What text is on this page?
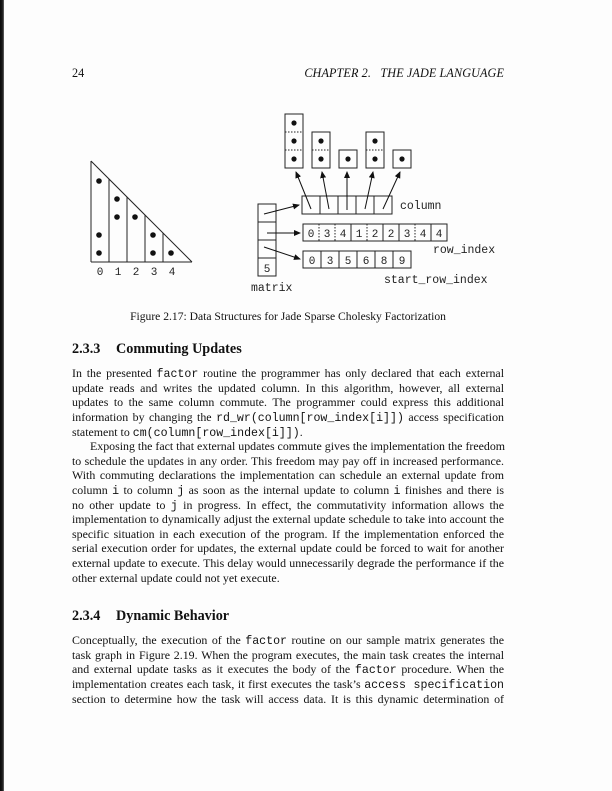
24	CHAPTER 2.   THE JADE LANGUAGE
column
0 3 4 1 2 2 3 4 4
row_index
0 3 5 6 8 9
start_row_index
5
matrix
0 1 2 3 4
Figure 2.17: Data Structures for Jade Sparse Cholesky Factorization
2.3.3 Commuting Updates
In the presented factor routine the programmer has only declared that each external
update reads and writes the updated column. In this algorithm, however, all external
updates to the same column commute. The programmer could express this additional
information by changing the rd_wr(column[row_index[i]]) access specification
statement to cm(column[row_index[i]]).
Exposing the fact that external updates commute gives the implementation the freedom
to schedule the updates in any order. This freedom may pay off in increased performance.
With commuting declarations the implementation can schedule an external update from
column i to column j as soon as the internal update to column i finishes and there is
no other update to j in progress. In effect, the commutativity information allows the
implementation to dynamically adjust the external update schedule to take into account the
specific situation in each execution of the program. If the implementation enforced the
serial execution order for updates, the external update could be forced to wait for another
external update to execute. This delay would unnecessarily degrade the performance if the
other external update could not yet execute.
2.3.4 Dynamic Behavior
Conceptually, the execution of the factor routine on our sample matrix generates the
task graph in Figure 2.19. When the program executes, the main task creates the internal
and external update tasks as it executes the body of the factor procedure. When the
implementation creates each task, it first executes the task’s access specification
section to determine how the task will access data. It is this dynamic determination of
